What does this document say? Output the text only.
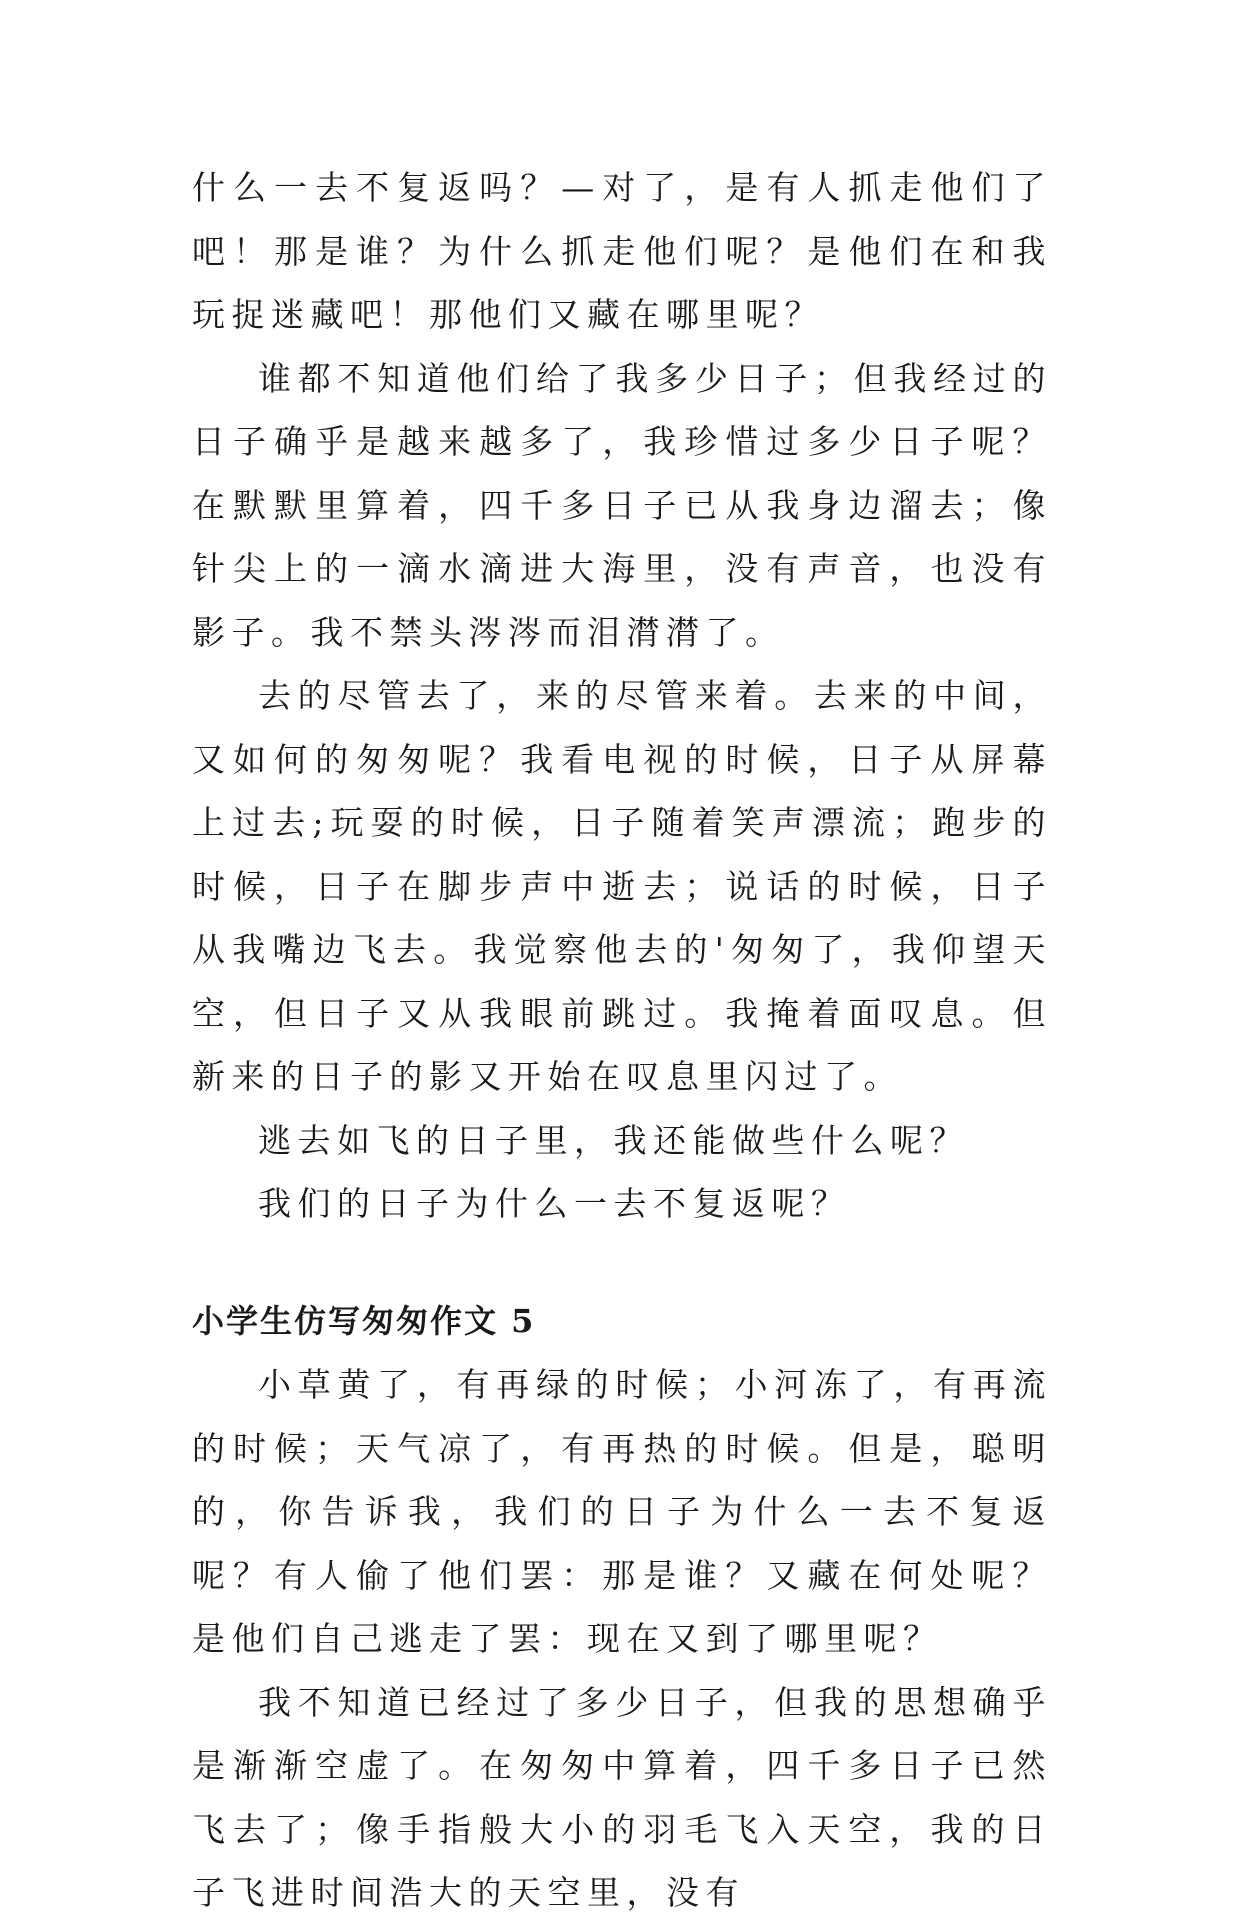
什么一去不复返吗？—对了，是有人抓走他们了吧！那是谁？为什么抓走他们呢？是他们在和我玩捉迷藏吧！那他们又藏在哪里呢？

谁都不知道他们给了我多少日子；但我经过的日子确乎是越来越多了，我珍惜过多少日子呢？在默默里算着，四千多日子已从我身边溜去；像针尖上的一滴水滴进大海里，没有声音，也没有影子。我不禁头涔涔而泪潸潸了。

去的尽管去了，来的尽管来着。去来的中间，又如何的匆匆呢？我看电视的时候，日子从屏幕上过去;玩耍的时候，日子随着笑声漂流；跑步的时候，日子在脚步声中逝去；说话的时候，日子从我嘴边飞去。我觉察他去的'匆匆了，我仰望天空，但日子又从我眼前跳过。我掩着面叹息。但新来的日子的影又开始在叹息里闪过了。

逃去如飞的日子里，我还能做些什么呢？

我们的日子为什么一去不复返呢？

小学生仿写匆匆作文 5

小草黄了，有再绿的时候；小河冻了，有再流的时候；天气凉了，有再热的时候。但是，聪明的，你告诉我，我们的日子为什么一去不复返呢？有人偷了他们罢：那是谁？又藏在何处呢？是他们自己逃走了罢：现在又到了哪里呢？

我不知道已经过了多少日子，但我的思想确乎是渐渐空虚了。在匆匆中算着，四千多日子已然飞去了；像手指般大小的羽毛飞入天空，我的日子飞进时间浩大的天空里，没有
